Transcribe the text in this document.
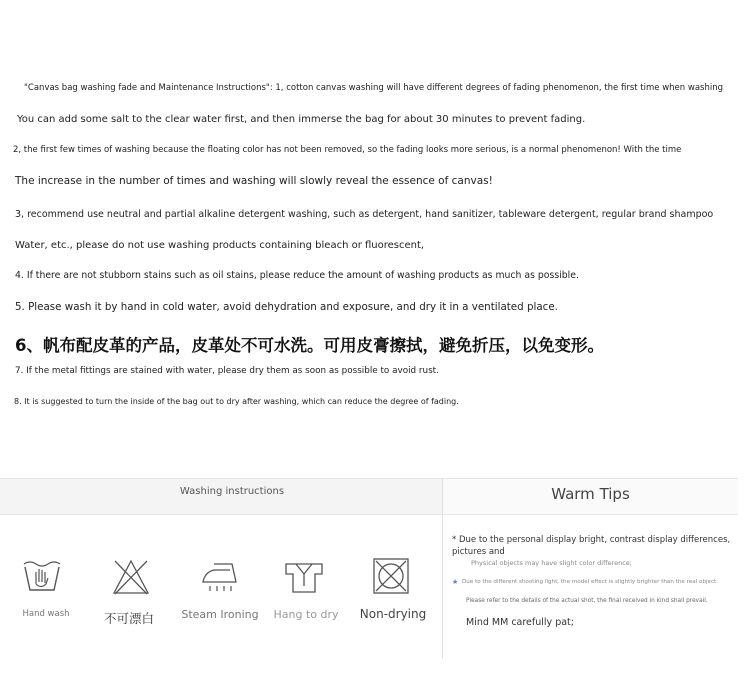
"Canvas bag washing fade and Maintenance Instructions": 1, cotton canvas washing will have different degrees of fading phenomenon, the first time when washing
You can add some salt to the clear water first, and then immerse the bag for about 30 minutes to prevent fading.
2, the first few times of washing because the floating color has not been removed, so the fading looks more serious, is a normal phenomenon! With the time
The increase in the number of times and washing will slowly reveal the essence of canvas!
3, recommend use neutral and partial alkaline detergent washing, such as detergent, hand sanitizer, tableware detergent, regular brand shampoo
Water, etc., please do not use washing products containing bleach or fluorescent,
4. If there are not stubborn stains such as oil stains, please reduce the amount of washing products as much as possible.
5. Please wash it by hand in cold water, avoid dehydration and exposure, and dry it in a ventilated place.
6、帆布配皮革的产品，皮革处不可水洗。可用皮膏擦拭，避免折压，以免变形。
7. If the metal fittings are stained with water, please dry them as soon as possible to avoid rust.
8. It is suggested to turn the inside of the bag out to dry after washing, which can reduce the degree of fading.
Washing instructions
Hand wash	不可漂白	Steam Ironing	Hang to dry	Non-drying
Warm Tips
* Due to the personal display bright, contrast display differences,
pictures and
Physical objects may have slight color difference;
★ Due to the different shooting light, the model effect is slightly brighter than the real object.
Please refer to the details of the actual shot, the final received in kind shall prevail.
Mind MM carefully pat;
